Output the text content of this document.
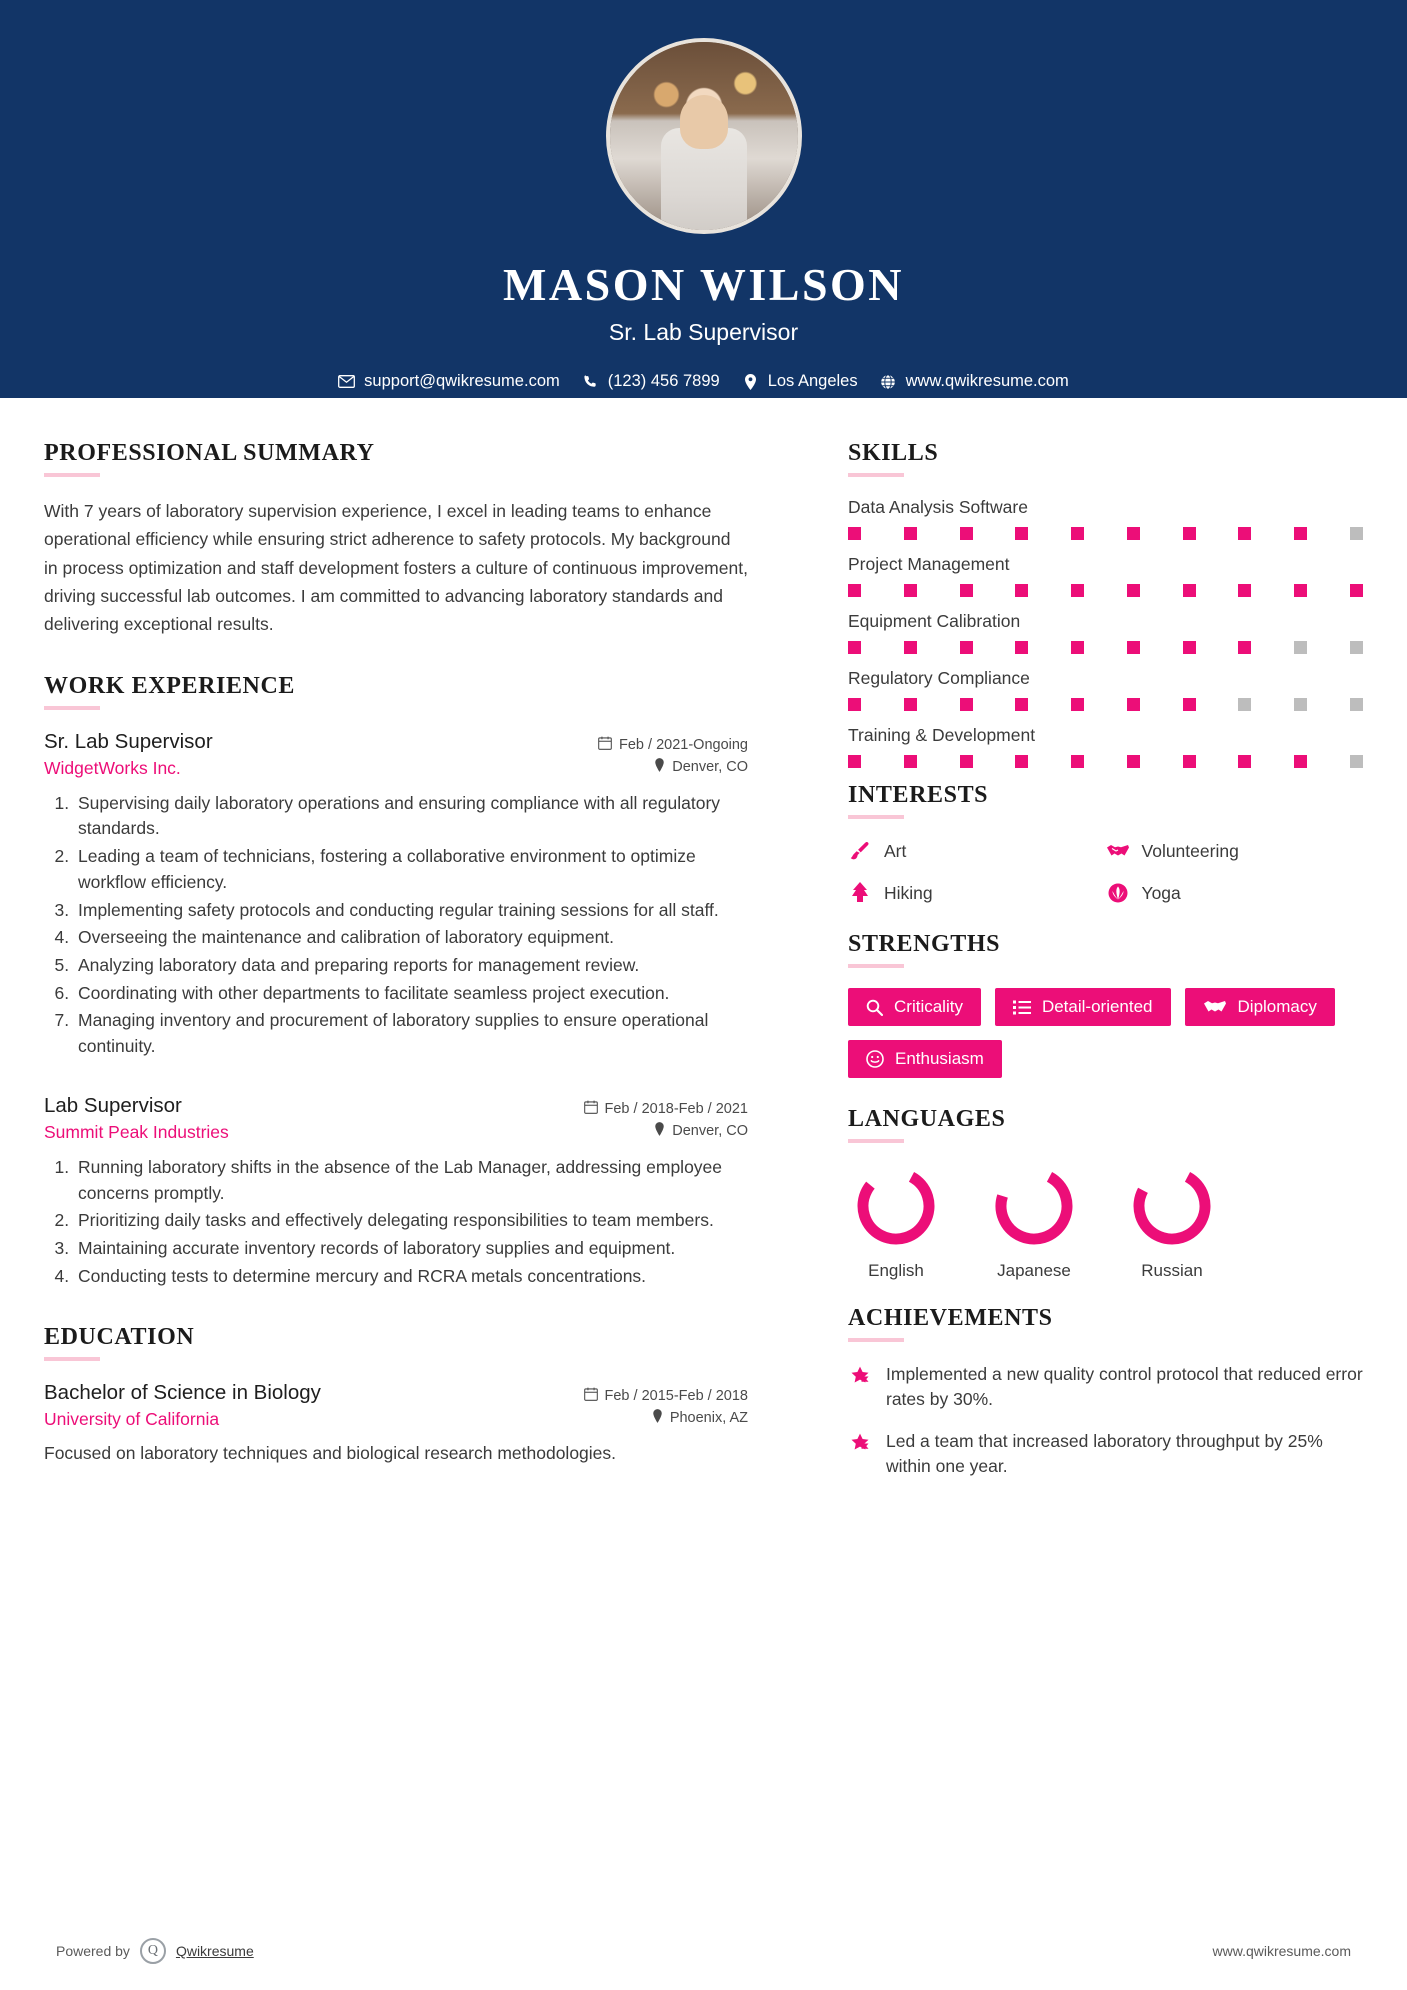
MASON WILSON
Sr. Lab Supervisor
support@qwikresume.com	(123) 456 7899	Los Angeles	www.qwikresume.com
PROFESSIONAL SUMMARY

With 7 years of laboratory supervision experience, I excel in leading teams to enhance operational efficiency while ensuring strict adherence to safety protocols. My background in process optimization and staff development fosters a culture of continuous improvement, driving successful lab outcomes. I am committed to advancing laboratory standards and delivering exceptional results.

WORK EXPERIENCE
Sr. Lab Supervisor	Feb / 2021-Ongoing
WidgetWorks Inc.	Denver, CO
1. Supervising daily laboratory operations and ensuring compliance with all regulatory standards.
2. Leading a team of technicians, fostering a collaborative environment to optimize workflow efficiency.
3. Implementing safety protocols and conducting regular training sessions for all staff.
4. Overseeing the maintenance and calibration of laboratory equipment.
5. Analyzing laboratory data and preparing reports for management review.
6. Coordinating with other departments to facilitate seamless project execution.
7. Managing inventory and procurement of laboratory supplies to ensure operational continuity.
Lab Supervisor	Feb / 2018-Feb / 2021
Summit Peak Industries	Denver, CO
1. Running laboratory shifts in the absence of the Lab Manager, addressing employee concerns promptly.
2. Prioritizing daily tasks and effectively delegating responsibilities to team members.
3. Maintaining accurate inventory records of laboratory supplies and equipment.
4. Conducting tests to determine mercury and RCRA metals concentrations.
EDUCATION
Bachelor of Science in Biology	Feb / 2015-Feb / 2018
University of California	Phoenix, AZ
Focused on laboratory techniques and biological research methodologies.
SKILLS
Data Analysis Software
Project Management
Equipment Calibration
Regulatory Compliance
Training & Development
INTERESTS
Art	Volunteering
Hiking	Yoga
STRENGTHS
Criticality	Detail-oriented	Diplomacy
Enthusiasm
LANGUAGES
English	Japanese	Russian
ACHIEVEMENTS
Implemented a new quality control protocol that reduced error rates by 30%.
Led a team that increased laboratory throughput by 25% within one year.
Powered by	Q	Qwikresume	www.qwikresume.com
